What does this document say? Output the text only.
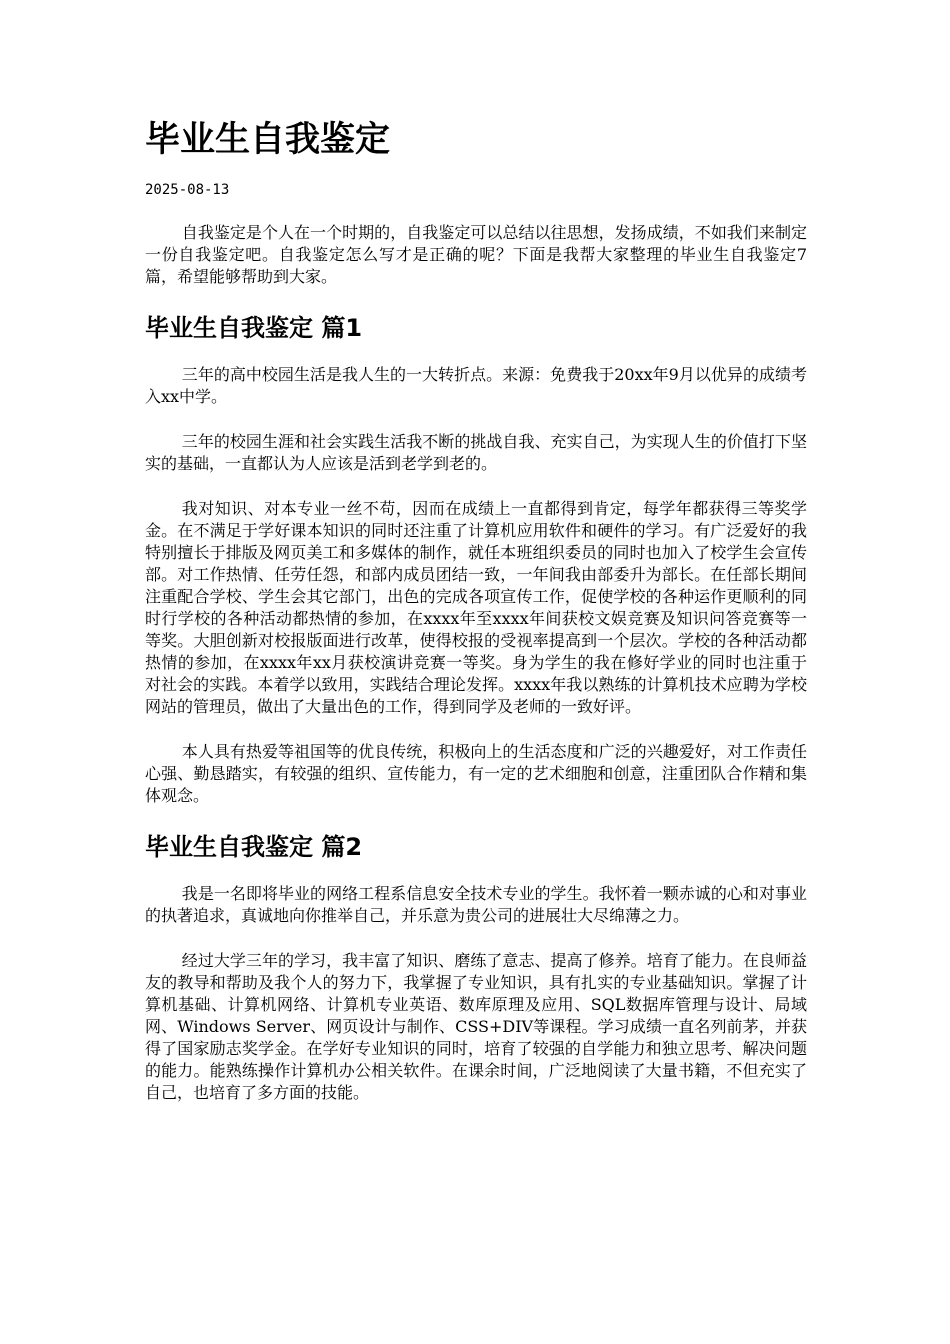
毕业生自我鉴定
2025-08-13

自我鉴定是个人在一个时期的，自我鉴定可以总结以往思想，发扬成绩，不如我们来制定一份自我鉴定吧。自我鉴定怎么写才是正确的呢？下面是我帮大家整理的毕业生自我鉴定7篇，希望能够帮助到大家。

毕业生自我鉴定 篇1

三年的高中校园生活是我人生的一大转折点。来源：免费我于20xx年9月以优异的成绩考入xx中学。

三年的校园生涯和社会实践生活我不断的挑战自我、充实自己，为实现人生的价值打下坚实的基础，一直都认为人应该是活到老学到老的。

我对知识、对本专业一丝不苟，因而在成绩上一直都得到肯定，每学年都获得三等奖学金。在不满足于学好课本知识的同时还注重了计算机应用软件和硬件的学习。有广泛爱好的我特别擅长于排版及网页美工和多媒体的制作，就任本班组织委员的同时也加入了校学生会宣传部。对工作热情、任劳任怨，和部内成员团结一致，一年间我由部委升为部长。在任部长期间注重配合学校、学生会其它部门，出色的完成各项宣传工作，促使学校的各种运作更顺利的同时行学校的各种活动都热情的参加，在xxxx年至xxxx年间获校文娱竞赛及知识问答竞赛等一等奖。大胆创新对校报版面进行改革，使得校报的受视率提高到一个层次。学校的各种活动都热情的参加，在xxxx年xx月获校演讲竞赛一等奖。身为学生的我在修好学业的同时也注重于对社会的实践。本着学以致用，实践结合理论发挥。xxxx年我以熟练的计算机技术应聘为学校网站的管理员，做出了大量出色的工作，得到同学及老师的一致好评。

本人具有热爱等祖国等的优良传统，积极向上的生活态度和广泛的兴趣爱好，对工作责任心强、勤恳踏实，有较强的组织、宣传能力，有一定的艺术细胞和创意，注重团队合作精和集体观念。

毕业生自我鉴定 篇2

我是一名即将毕业的网络工程系信息安全技术专业的学生。我怀着一颗赤诚的心和对事业的执著追求，真诚地向你推举自己，并乐意为贵公司的进展壮大尽绵薄之力。

经过大学三年的学习，我丰富了知识、磨练了意志、提高了修养。培育了能力。在良师益友的教导和帮助及我个人的努力下，我掌握了专业知识，具有扎实的专业基础知识。掌握了计算机基础、计算机网络、计算机专业英语、数库原理及应用、SQL数据库管理与设计、局域网、Windows Server、网页设计与制作、CSS+DIV等课程。学习成绩一直名列前茅，并获得了国家励志奖学金。在学好专业知识的同时，培育了较强的自学能力和独立思考、解决问题的能力。能熟练操作计算机办公相关软件。在课余时间，广泛地阅读了大量书籍，不但充实了自己，也培育了多方面的技能。
